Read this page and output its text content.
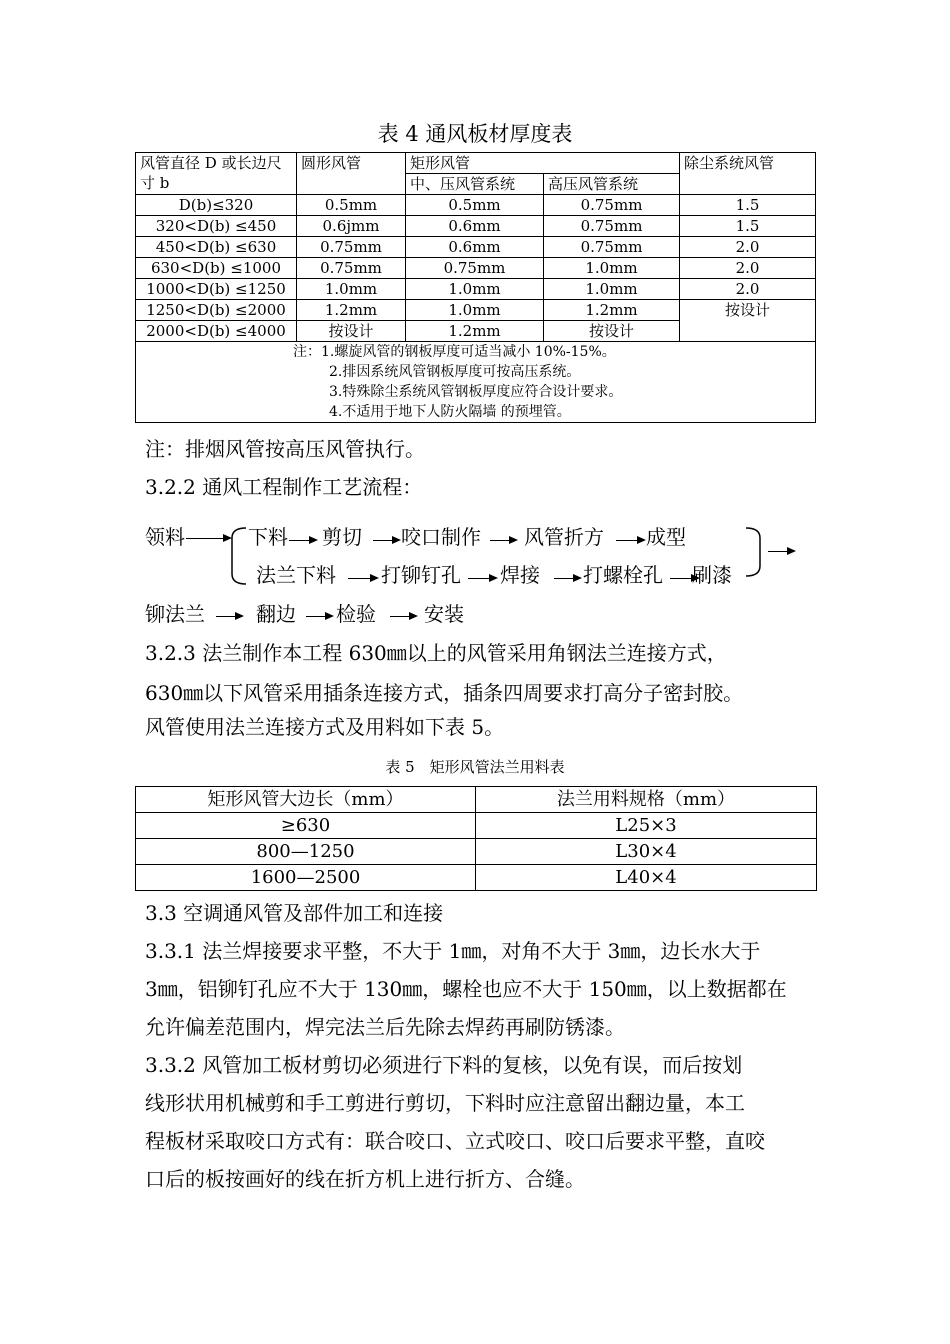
表 4 通风板材厚度表
风管直径 D 或长边尺寸 b	圆形风管	矩形风管		除尘系统风管
		中、压风管系统	高压风管系统	
D(b)≤320	0.5mm	0.5mm	0.75mm	1.5
320<D(b) ≤450	0.6jmm	0.6mm	0.75mm	1.5
450<D(b) ≤630	0.75mm	0.6mm	0.75mm	2.0
630<D(b) ≤1000	0.75mm	0.75mm	1.0mm	2.0
1000<D(b) ≤1250	1.0mm	1.0mm	1.0mm	2.0
1250<D(b) ≤2000	1.2mm	1.0mm	1.2mm	按设计
2000<D(b) ≤4000	按设计	1.2mm	按设计	

注：1.螺旋风管的钢板厚度可适当减小 10%-15%。
2.排因系统风管钢板厚度可按高压系统。
3.特殊除尘系统风管钢板厚度应符合设计要求。
4.不适用于地下人防火隔墙 的预埋管。				
注：排烟风管按高压风管执行。
3.2.2 通风工程制作工艺流程：
领料	下料 剪切 咬口制作 风管折方 成型
法兰下料 打铆钉孔 焊接 打螺栓孔 刷漆
铆法兰	翻边 检验 安装
3.2.3 法兰制作本工程 630㎜以上的风管采用角钢法兰连接方式，
630㎜以下风管采用插条连接方式，插条四周要求打高分子密封胶。
风管使用法兰连接方式及用料如下表 5。
表 5　矩形风管法兰用料表
矩形风管大边长（mm）	法兰用料规格（mm）
≥630	L25×3
800—1250	L30×4
1600—2500	L40×4
3.3 空调通风管及部件加工和连接
3.3.1 法兰焊接要求平整，不大于 1㎜，对角不大于 3㎜，边长水大于
3㎜，铝铆钉孔应不大于 130㎜，螺栓也应不大于 150㎜，以上数据都在
允许偏差范围内，焊完法兰后先除去焊药再刷防锈漆。
3.3.2 风管加工板材剪切必须进行下料的复核，以免有误，而后按划
线形状用机械剪和手工剪进行剪切，下料时应注意留出翻边量，本工
程板材采取咬口方式有：联合咬口、立式咬口、咬口后要求平整，直咬
口后的板按画好的线在折方机上进行折方、合缝。
